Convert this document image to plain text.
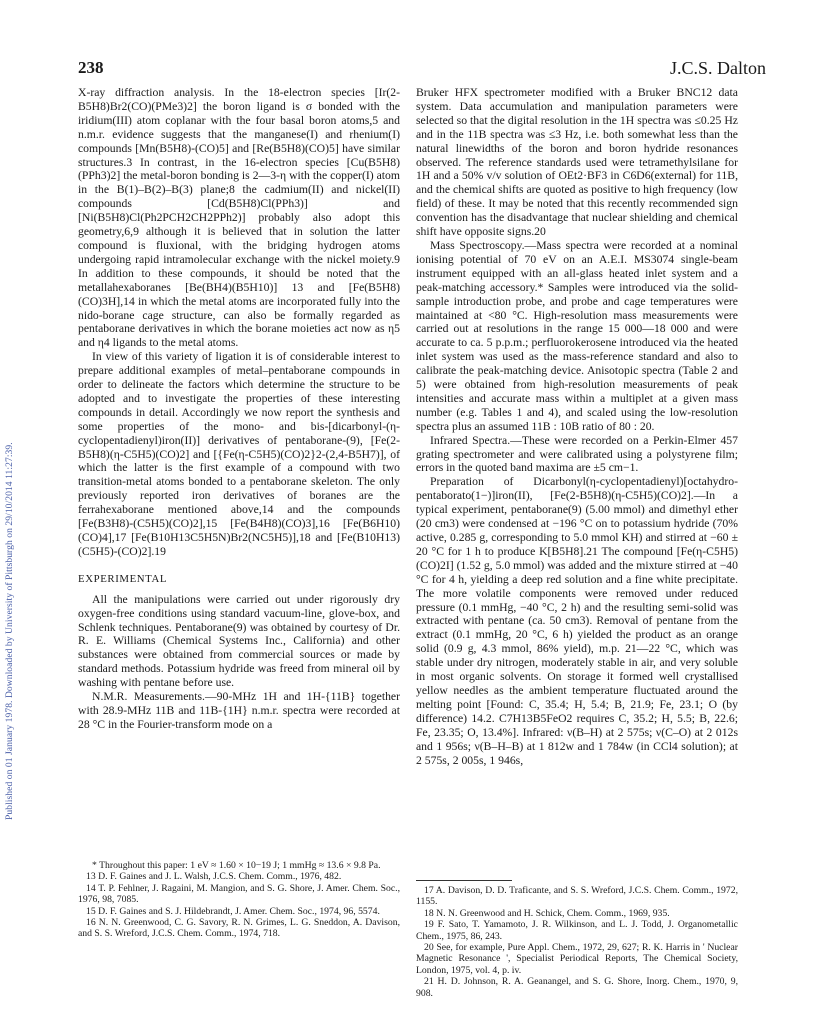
238	J.C.S. Dalton
Published on 01 January 1978. Downloaded by University of Pittsburgh on 29/10/2014 11:27:39.

X-ray diffraction analysis. In the 18-electron species [Ir(2-B5H8)Br2(CO)(PMe3)2] the boron ligand is σ bonded with the iridium(III) atom coplanar with the four basal boron atoms,5 and n.m.r. evidence suggests that the manganese(I) and rhenium(I) compounds [Mn(B5H8)-(CO)5] and [Re(B5H8)(CO)5] have similar structures.3 In contrast, in the 16-electron species [Cu(B5H8)(PPh3)2] the metal-boron bonding is 2—3-η with the copper(I) atom in the B(1)–B(2)–B(3) plane;8 the cadmium(II) and nickel(II) compounds [Cd(B5H8)Cl(PPh3)] and [Ni(B5H8)Cl(Ph2PCH2CH2PPh2)] probably also adopt this geometry,6,9 although it is believed that in solution the latter compound is fluxional, with the bridging hydrogen atoms undergoing rapid intramolecular exchange with the nickel moiety.9 In addition to these compounds, it should be noted that the metallahexaboranes [Be(BH4)(B5H10)] 13 and [Fe(B5H8)(CO)3H],14 in which the metal atoms are incorporated fully into the nido-borane cage structure, can also be formally regarded as pentaborane derivatives in which the borane moieties act now as η5 and η4 ligands to the metal atoms.

In view of this variety of ligation it is of considerable interest to prepare additional examples of metal–pentaborane compounds in order to delineate the factors which determine the structure to be adopted and to investigate the properties of these interesting compounds in detail. Accordingly we now report the synthesis and some properties of the mono- and bis-[dicarbonyl-(η-cyclopentadienyl)iron(II)] derivatives of pentaborane-(9), [Fe(2-B5H8)(η-C5H5)(CO)2] and [{Fe(η-C5H5)(CO)2}2-(2,4-B5H7)], of which the latter is the first example of a compound with two transition-metal atoms bonded to a pentaborane skeleton. The only previously reported iron derivatives of boranes are the ferrahexaborane mentioned above,14 and the compounds [Fe(B3H8)-(C5H5)(CO)2],15 [Fe(B4H8)(CO)3],16 [Fe(B6H10)(CO)4],17 [Fe(B10H13C5H5N)Br2(NC5H5)],18 and [Fe(B10H13)(C5H5)-(CO)2].19

EXPERIMENTAL

All the manipulations were carried out under rigorously dry oxygen-free conditions using standard vacuum-line, glove-box, and Schlenk techniques. Pentaborane(9) was obtained by courtesy of Dr. R. E. Williams (Chemical Systems Inc., California) and other substances were obtained from commercial sources or made by standard methods. Potassium hydride was freed from mineral oil by washing with pentane before use.

N.M.R. Measurements.—90-MHz 1H and 1H-{11B} together with 28.9-MHz 11B and 11B-{1H} n.m.r. spectra were recorded at 28 °C in the Fourier-transform mode on a

* Throughout this paper: 1 eV ≈ 1.60 × 10−19 J; 1 mmHg ≈ 13.6 × 9.8 Pa.

13 D. F. Gaines and J. L. Walsh, J.C.S. Chem. Comm., 1976, 482.

14 T. P. Fehlner, J. Ragaini, M. Mangion, and S. G. Shore, J. Amer. Chem. Soc., 1976, 98, 7085.

15 D. F. Gaines and S. J. Hildebrandt, J. Amer. Chem. Soc., 1974, 96, 5574.

16 N. N. Greenwood, C. G. Savory, R. N. Grimes, L. G. Sneddon, A. Davison, and S. S. Wreford, J.C.S. Chem. Comm., 1974, 718.

Bruker HFX spectrometer modified with a Bruker BNC12 data system. Data accumulation and manipulation parameters were selected so that the digital resolution in the 1H spectra was ≤0.25 Hz and in the 11B spectra was ≤3 Hz, i.e. both somewhat less than the natural linewidths of the boron and boron hydride resonances observed. The reference standards used were tetramethylsilane for 1H and a 50% v/v solution of OEt2·BF3 in C6D6(external) for 11B, and the chemical shifts are quoted as positive to high frequency (low field) of these. It may be noted that this recently recommended sign convention has the disadvantage that nuclear shielding and chemical shift have opposite signs.20

Mass Spectroscopy.—Mass spectra were recorded at a nominal ionising potential of 70 eV on an A.E.I. MS3074 single-beam instrument equipped with an all-glass heated inlet system and a peak-matching accessory.* Samples were introduced via the solid-sample introduction probe, and probe and cage temperatures were maintained at <80 °C. High-resolution mass measurements were carried out at resolutions in the range 15 000—18 000 and were accurate to ca. 5 p.p.m.; perfluorokerosene introduced via the heated inlet system was used as the mass-reference standard and also to calibrate the peak-matching device. Anisotopic spectra (Table 2 and 5) were obtained from high-resolution measurements of peak intensities and accurate mass within a multiplet at a given mass number (e.g. Tables 1 and 4), and scaled using the low-resolution spectra plus an assumed 11B : 10B ratio of 80 : 20.

Infrared Spectra.—These were recorded on a Perkin-Elmer 457 grating spectrometer and were calibrated using a polystyrene film; errors in the quoted band maxima are ±5 cm−1.

Preparation of Dicarbonyl(η-cyclopentadienyl)[octahydro-pentaborato(1−)]iron(II), [Fe(2-B5H8)(η-C5H5)(CO)2].—In a typical experiment, pentaborane(9) (5.00 mmol) and dimethyl ether (20 cm3) were condensed at −196 °C on to potassium hydride (70% active, 0.285 g, corresponding to 5.0 mmol KH) and stirred at −60 ± 20 °C for 1 h to produce K[B5H8].21 The compound [Fe(η-C5H5)(CO)2I] (1.52 g, 5.0 mmol) was added and the mixture stirred at −40 °C for 4 h, yielding a deep red solution and a fine white precipitate. The more volatile components were removed under reduced pressure (0.1 mmHg, −40 °C, 2 h) and the resulting semi-solid was extracted with pentane (ca. 50 cm3). Removal of pentane from the extract (0.1 mmHg, 20 °C, 6 h) yielded the product as an orange solid (0.9 g, 4.3 mmol, 86% yield), m.p. 21—22 °C, which was stable under dry nitrogen, moderately stable in air, and very soluble in most organic solvents. On storage it formed well crystallised yellow needles as the ambient temperature fluctuated around the melting point [Found: C, 35.4; H, 5.4; B, 21.9; Fe, 23.1; O (by difference) 14.2. C7H13B5FeO2 requires C, 35.2; H, 5.5; B, 22.6; Fe, 23.35; O, 13.4%]. Infrared: ν(B–H) at 2 575s; ν(C–O) at 2 012s and 1 956s; ν(B–H–B) at 1 812w and 1 784w (in CCl4 solution); at 2 575s, 2 005s, 1 946s,

17 A. Davison, D. D. Traficante, and S. S. Wreford, J.C.S. Chem. Comm., 1972, 1155.

18 N. N. Greenwood and H. Schick, Chem. Comm., 1969, 935.

19 F. Sato, T. Yamamoto, J. R. Wilkinson, and L. J. Todd, J. Organometallic Chem., 1975, 86, 243.

20 See, for example, Pure Appl. Chem., 1972, 29, 627; R. K. Harris in ' Nuclear Magnetic Resonance ', Specialist Periodical Reports, The Chemical Society, London, 1975, vol. 4, p. iv.

21 H. D. Johnson, R. A. Geanangel, and S. G. Shore, Inorg. Chem., 1970, 9, 908.
